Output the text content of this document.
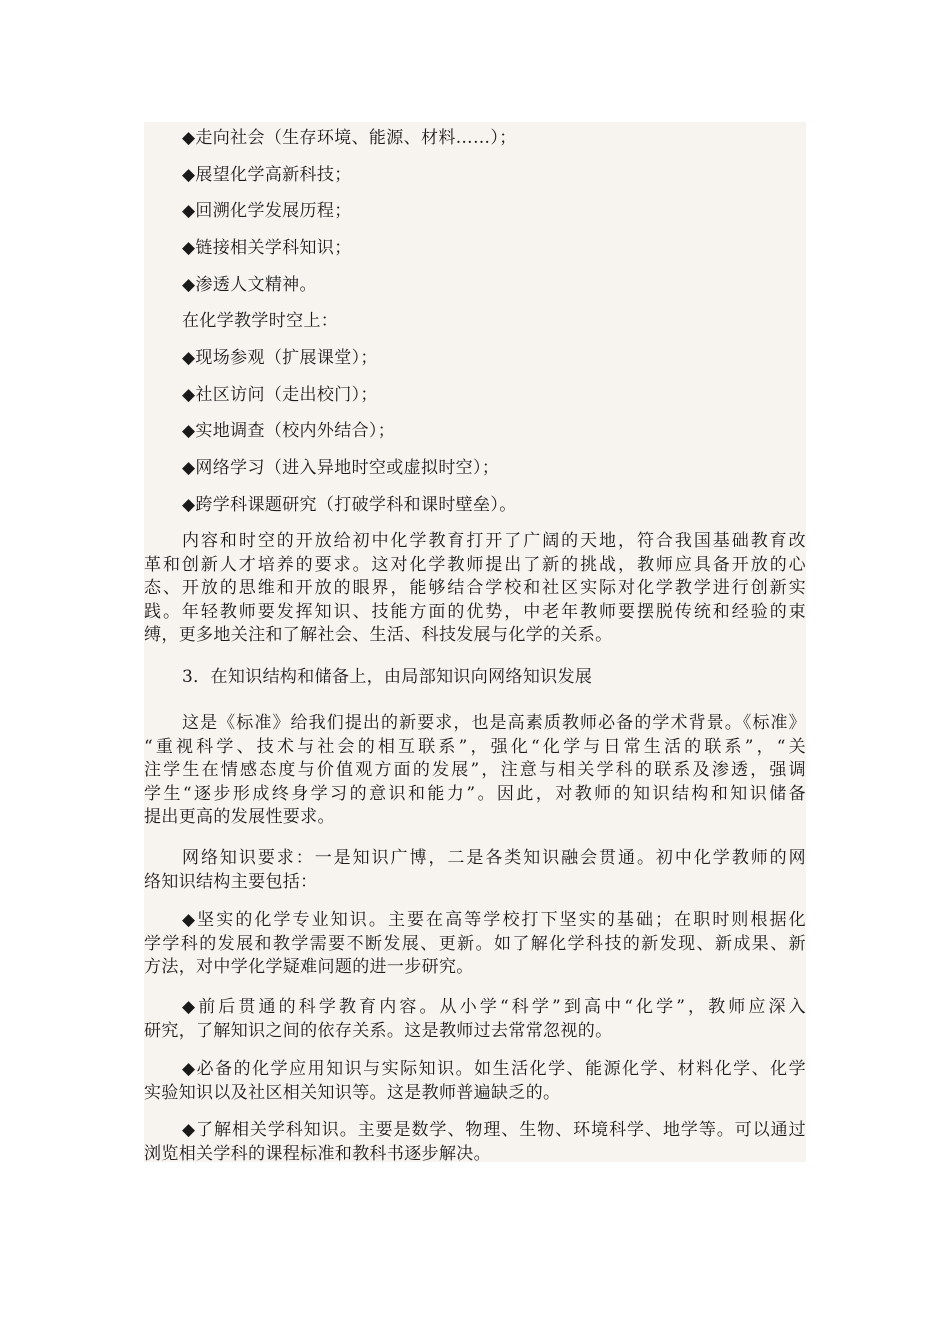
◆走向社会（生存环境、能源、材料……）；
◆展望化学高新科技；
◆回溯化学发展历程；
◆链接相关学科知识；
◆渗透人文精神。
在化学教学时空上：
◆现场参观（扩展课堂）；
◆社区访问（走出校门）；
◆实地调查（校内外结合）；
◆网络学习（进入异地时空或虚拟时空）；
◆跨学科课题研究（打破学科和课时壁垒）。
内容和时空的开放给初中化学教育打开了广阔的天地，符合我国基础教育改
革和创新人才培养的要求。这对化学教师提出了新的挑战，教师应具备开放的心
态、开放的思维和开放的眼界，能够结合学校和社区实际对化学教学进行创新实
践。年轻教师要发挥知识、技能方面的优势，中老年教师要摆脱传统和经验的束
缚，更多地关注和了解社会、生活、科技发展与化学的关系。
3．在知识结构和储备上，由局部知识向网络知识发展
这是《标准》给我们提出的新要求，也是高素质教师必备的学术背景。《标准》
“重视科学、技术与社会的相互联系”，强化“化学与日常生活的联系”，“关
注学生在情感态度与价值观方面的发展”，注意与相关学科的联系及渗透，强调
学生“逐步形成终身学习的意识和能力”。因此，对教师的知识结构和知识储备
提出更高的发展性要求。
网络知识要求：一是知识广博，二是各类知识融会贯通。初中化学教师的网
络知识结构主要包括：
◆坚实的化学专业知识。主要在高等学校打下坚实的基础；在职时则根据化
学学科的发展和教学需要不断发展、更新。如了解化学科技的新发现、新成果、新
方法，对中学化学疑难问题的进一步研究。
◆前后贯通的科学教育内容。从小学“科学”到高中“化学”，教师应深入
研究，了解知识之间的依存关系。这是教师过去常常忽视的。
◆必备的化学应用知识与实际知识。如生活化学、能源化学、材料化学、化学
实验知识以及社区相关知识等。这是教师普遍缺乏的。
◆了解相关学科知识。主要是数学、物理、生物、环境科学、地学等。可以通过
浏览相关学科的课程标准和教科书逐步解决。
